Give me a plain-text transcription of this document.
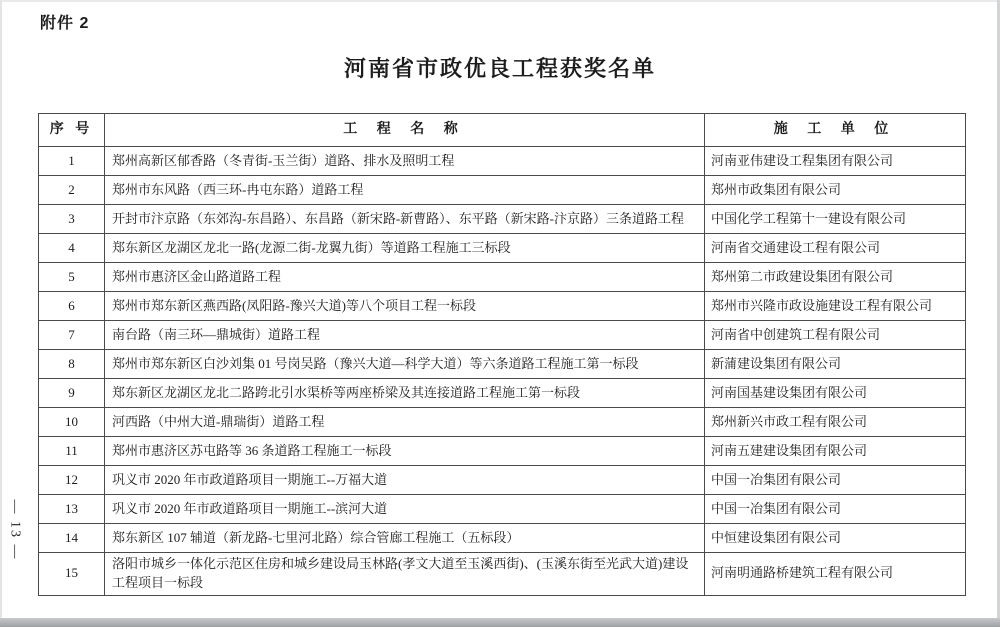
附件 2
河南省市政优良工程获奖名单
序 号	工 程 名 称	施 工 单 位
1	郑州高新区郁香路（冬青街-玉兰街）道路、排水及照明工程	河南亚伟建设工程集团有限公司
2	郑州市东风路（西三环-冉屯东路）道路工程	郑州市政集团有限公司
3	开封市汴京路（东郊沟-东昌路）、东昌路（新宋路-新曹路）、东平路（新宋路-汴京路）三条道路工程	中国化学工程第十一建设有限公司
4	郑东新区龙湖区龙北一路(龙源二街-龙翼九街）等道路工程施工三标段	河南省交通建设工程有限公司
5	郑州市惠济区金山路道路工程	郑州第二市政建设集团有限公司
6	郑州市郑东新区燕西路(凤阳路-豫兴大道)等八个项目工程一标段	郑州市兴隆市政设施建设工程有限公司
7	南台路（南三环—鼎城街）道路工程	河南省中创建筑工程有限公司
8	郑州市郑东新区白沙刘集 01 号岗吴路（豫兴大道—科学大道）等六条道路工程施工第一标段	新蒲建设集团有限公司
9	郑东新区龙湖区龙北二路跨北引水渠桥等两座桥梁及其连接道路工程施工第一标段	河南国基建设集团有限公司
10	河西路（中州大道-鼎瑞街）道路工程	郑州新兴市政工程有限公司
11	郑州市惠济区苏屯路等 36 条道路工程施工一标段	河南五建建设集团有限公司
12	巩义市 2020 年市政道路项目一期施工--万福大道	中国一冶集团有限公司
13	巩义市 2020 年市政道路项目一期施工--滨河大道	中国一冶集团有限公司
14	郑东新区 107 辅道（新龙路-七里河北路）综合管廊工程施工（五标段）	中恒建设集团有限公司
15	洛阳市城乡一体化示范区住房和城乡建设局玉林路(孝文大道至玉溪西街)、(玉溪东街至光武大道)建设工程项目一标段	河南明通路桥建筑工程有限公司
— 13 —
